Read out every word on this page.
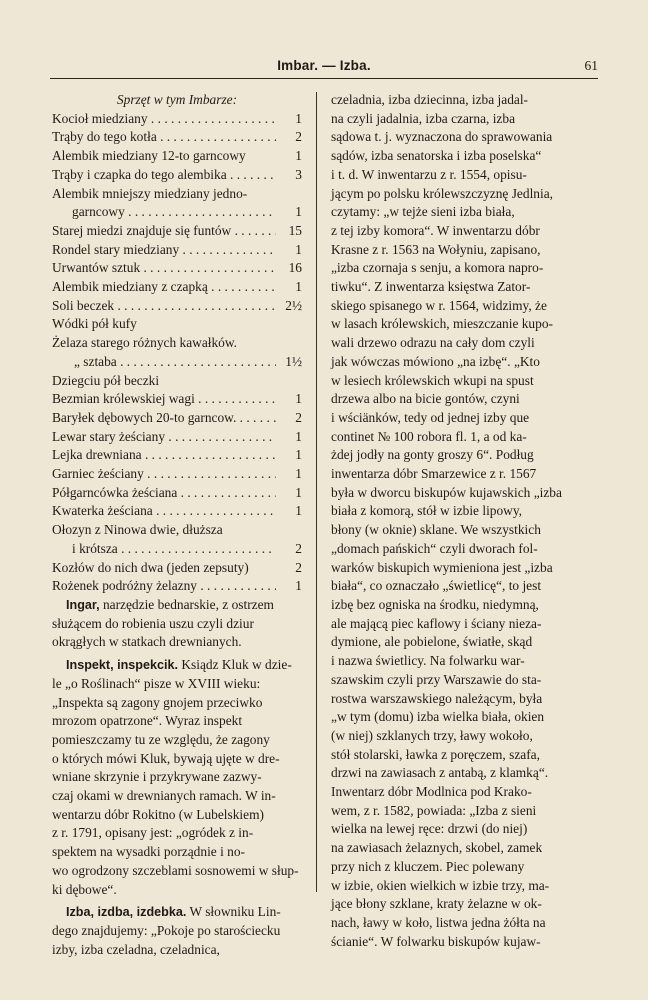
Imbar. — Izba.	61
Sprzęt w tym Imbarze:
Kocioł miedziany . . .	1
Trąby do tego kotła . . .	2
Alembik miedziany 12-to garncowy	1
Trąby i czapka do tego alembika . . .	3
Alembik mniejszy miedziany jedno-
garncowy . . .	1
Starej miedzi znajduje się funtów . . .	15
Rondel stary miedziany . . .	1
Urwantów sztuk . . .	16
Alembik miedziany z czapką . . .	1
Soli beczek . . .	2½
Wódki pół kufy
Żelaza starego różnych kawałków.
„ sztaba . . .	1½
Dziegciu pół beczki
Bezmian królewskiej wagi . . .	1
Baryłek dębowych 20-to garncow. . . .	2
Lewar stary żeściany . . .	1
Lejka drewniana . . .	1
Garniec żeściany . . .	1
Półgarncówka żeściana . . .	1
Kwaterka żeściana . . .	1
Ołozyn z Ninowa dwie, dłuższa
i krótsza . . .	2
Kozłów do nich dwa (jeden zepsuty)	2
Rożenek podróżny żelazny . . .	1
Ingar, narzędzie bednarskie, z ostrzem
służącem do robienia uszu czyli dziur
okrągłych w statkach drewnianych.
Inspekt, inspekcik. Ksiądz Kluk w dzie-
le „o Roślinach“ pisze w XVIII wieku:
„Inspekta są zagony gnojem przeciwko
mrozom opatrzone“. Wyraz inspekt
pomieszczamy tu ze względu, że zagony
o których mówi Kluk, bywają ujęte w dre-
wniane skrzynie i przykrywane zazwy-
czaj okami w drewnianych ramach. W in-
wentarzu dóbr Rokitno (w Lubelskiem)
z r. 1791, opisany jest: „ogródek z in-
spektem na wysadki porządnie i no-
wo ogrodzony szczeblami sosnowemi w słup-
ki dębowe“.
Izba, izdba, izdebka. W słowniku Lin-
dego znajdujemy: „Pokoje po starościecku
izby, izba czeladna, czeladnica,
czeladnia, izba dziecinna, izba jadal-
na czyli jadalnia, izba czarna, izba
sądowa t. j. wyznaczona do sprawowania
sądów, izba senatorska i izba poselska“
i t. d. W inwentarzu z r. 1554, opisu-
jącym po polsku królewszczyznę Jedlnia,
czytamy: „w tejże sieni izba biała,
z tej izby komora“. W inwentarzu dóbr
Krasne z r. 1563 na Wołyniu, zapisano,
„izba czornaja s senju, a komora napro-
tiwku“. Z inwentarza księstwa Zator-
skiego spisanego w r. 1564, widzimy, że
w lasach królewskich, mieszczanie kupo-
wali drzewo odrazu na cały dom czyli
jak wówczas mówiono „na izbę“. „Kto
w lesiech królewskich wkupi na spust
drzewa albo na bicie gontów, czyni
i wściänków, tedy od jednej izby que
continet № 100 robora fl. 1, a od ka-
żdej jodły na gonty groszy 6“. Podług
inwentarza dóbr Smarzewice z r. 1567
była w dworcu biskupów kujawskich „izba
biała z komorą, stół w izbie lipowy,
błony (w oknie) sklane. We wszystkich
„domach pańskich“ czyli dworach fol-
warków biskupich wymieniona jest „izba
biała“, co oznaczało „świetlicę“, to jest
izbę bez ogniska na środku, niedymną,
ale mającą piec kaflowy i ściany nieza-
dymione, ale pobielone, światłe, skąd
i nazwa świetlicy. Na folwarku war-
szawskim czyli przy Warszawie do sta-
rostwa warszawskiego należącym, była
„w tym (domu) izba wielka biała, okien
(w niej) szklanych trzy, ławy wokoło,
stół stolarski, ławka z poręczem, szafa,
drzwi na zawiasach z antabą, z klamką“.
Inwentarz dóbr Modlnica pod Krako-
wem, z r. 1582, powiada: „Izba z sieni
wielka na lewej ręce: drzwi (do niej)
na zawiasach żelaznych, skobel, zamek
przy nich z kluczem. Piec polewany
w izbie, okien wielkich w izbie trzy, ma-
jące błony szklane, kraty żelazne w ok-
nach, ławy w koło, listwa jedna żółta na
ścianie“. W folwarku biskupów kujaw-
